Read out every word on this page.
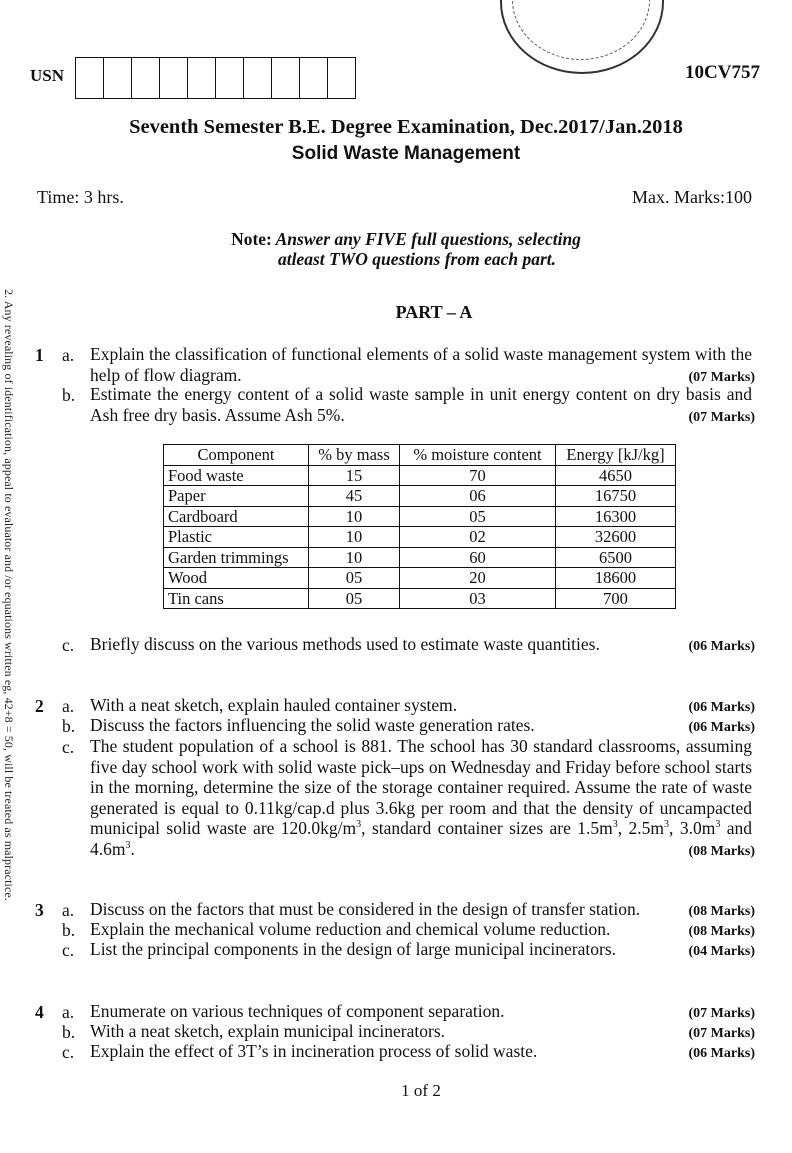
2. Any revealing of identification, appeal to evaluator and /or equations written eg, 42+8 = 50, will be treated as malpractice.
USN	10CV757
Seventh Semester B.E. Degree Examination, Dec.2017/Jan.2018
Solid Waste Management
Time: 3 hrs.	Max. Marks:100
Note: Answer any FIVE full questions, selecting
atleast TWO questions from each part.
PART – A
1 a. Explain the classification of functional elements of a solid waste management system with the help of flow diagram.	(07 Marks)
b. Estimate the energy content of a solid waste sample in unit energy content on dry basis and Ash free dry basis. Assume Ash 5%.	(07 Marks)
Component	% by mass	% moisture content	Energy [kJ/kg]
Food waste	15	70	4650
Paper	45	06	16750
Cardboard	10	05	16300
Plastic	10	02	32600
Garden trimmings	10	60	6500
Wood	05	20	18600
Tin cans	05	03	700
c. Briefly discuss on the various methods used to estimate waste quantities.	(06 Marks)
2 a. With a neat sketch, explain hauled container system.	(06 Marks)
b. Discuss the factors influencing the solid waste generation rates.	(06 Marks)
c. The student population of a school is 881. The school has 30 standard classrooms, assuming five day school work with solid waste pick–ups on Wednesday and Friday before school starts in the morning, determine the size of the storage container required. Assume the rate of waste generated is equal to 0.11kg/cap.d plus 3.6kg per room and that the density of uncampacted municipal solid waste are $120.0kg/m^3$, standard container sizes are $1.5m^3$, $2.5m^3$, $3.0m^3$ and $4.6m^3$.	(08 Marks)
3 a. Discuss on the factors that must be considered in the design of transfer station.	(08 Marks)
b. Explain the mechanical volume reduction and chemical volume reduction.	(08 Marks)
c. List the principal components in the design of large municipal incinerators.	(04 Marks)
4 a. Enumerate on various techniques of component separation.	(07 Marks)
b. With a neat sketch, explain municipal incinerators.	(07 Marks)
c. Explain the effect of 3T’s in incineration process of solid waste.	(06 Marks)
1 of 2
